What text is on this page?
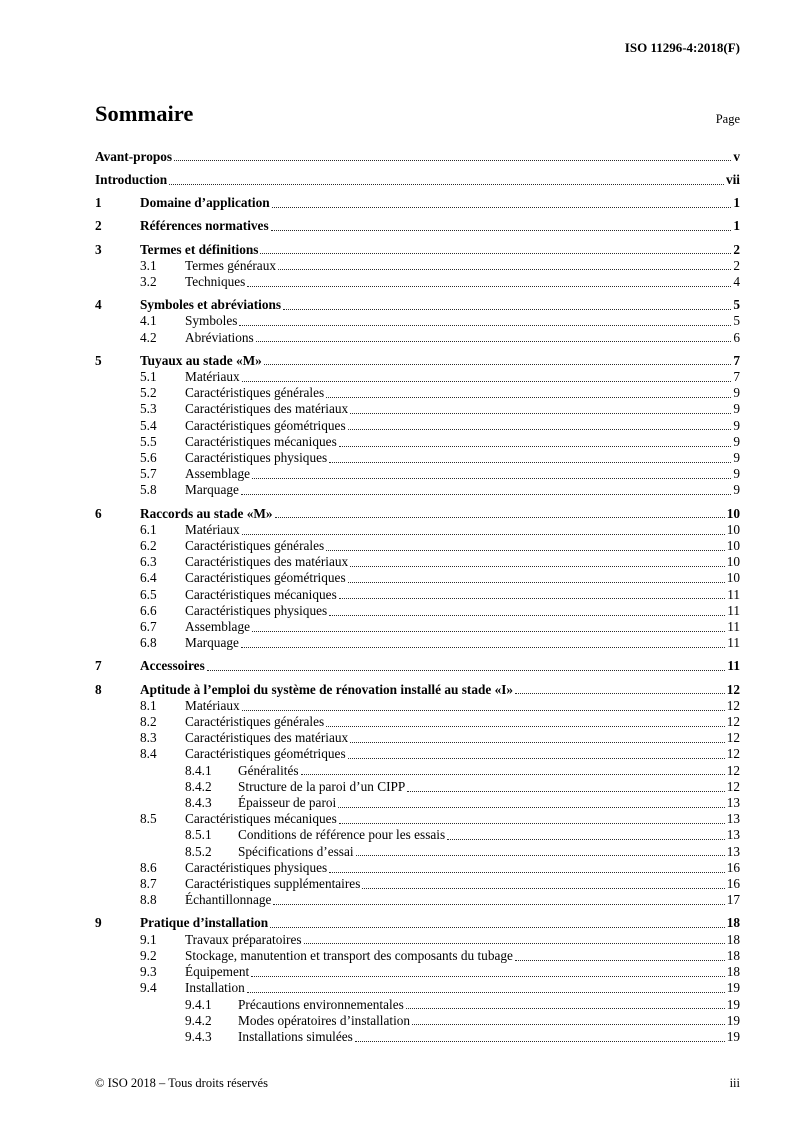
ISO 11296-4:2018(F)
Sommaire	Page
Avant-propos	v
Introduction	vii
1	Domaine d’application	1
2	Références normatives	1
3	Termes et définitions	2
3.1	Termes généraux	2
3.2	Techniques	4
4	Symboles et abréviations	5
4.1	Symboles	5
4.2	Abréviations	6
5	Tuyaux au stade «M»	7
5.1	Matériaux	7
5.2	Caractéristiques générales	9
5.3	Caractéristiques des matériaux	9
5.4	Caractéristiques géométriques	9
5.5	Caractéristiques mécaniques	9
5.6	Caractéristiques physiques	9
5.7	Assemblage	9
5.8	Marquage	9
6	Raccords au stade «M»	10
6.1	Matériaux	10
6.2	Caractéristiques générales	10
6.3	Caractéristiques des matériaux	10
6.4	Caractéristiques géométriques	10
6.5	Caractéristiques mécaniques	11
6.6	Caractéristiques physiques	11
6.7	Assemblage	11
6.8	Marquage	11
7	Accessoires	11
8	Aptitude à l’emploi du système de rénovation installé au stade «I»	12
8.1	Matériaux	12
8.2	Caractéristiques générales	12
8.3	Caractéristiques des matériaux	12
8.4	Caractéristiques géométriques	12
8.4.1	Généralités	12
8.4.2	Structure de la paroi d’un CIPP	12
8.4.3	Épaisseur de paroi	13
8.5	Caractéristiques mécaniques	13
8.5.1	Conditions de référence pour les essais	13
8.5.2	Spécifications d’essai	13
8.6	Caractéristiques physiques	16
8.7	Caractéristiques supplémentaires	16
8.8	Échantillonnage	17
9	Pratique d’installation	18
9.1	Travaux préparatoires	18
9.2	Stockage, manutention et transport des composants du tubage	18
9.3	Équipement	18
9.4	Installation	19
9.4.1	Précautions environnementales	19
9.4.2	Modes opératoires d’installation	19
9.4.3	Installations simulées	19
© ISO 2018 – Tous droits réservés	iii
